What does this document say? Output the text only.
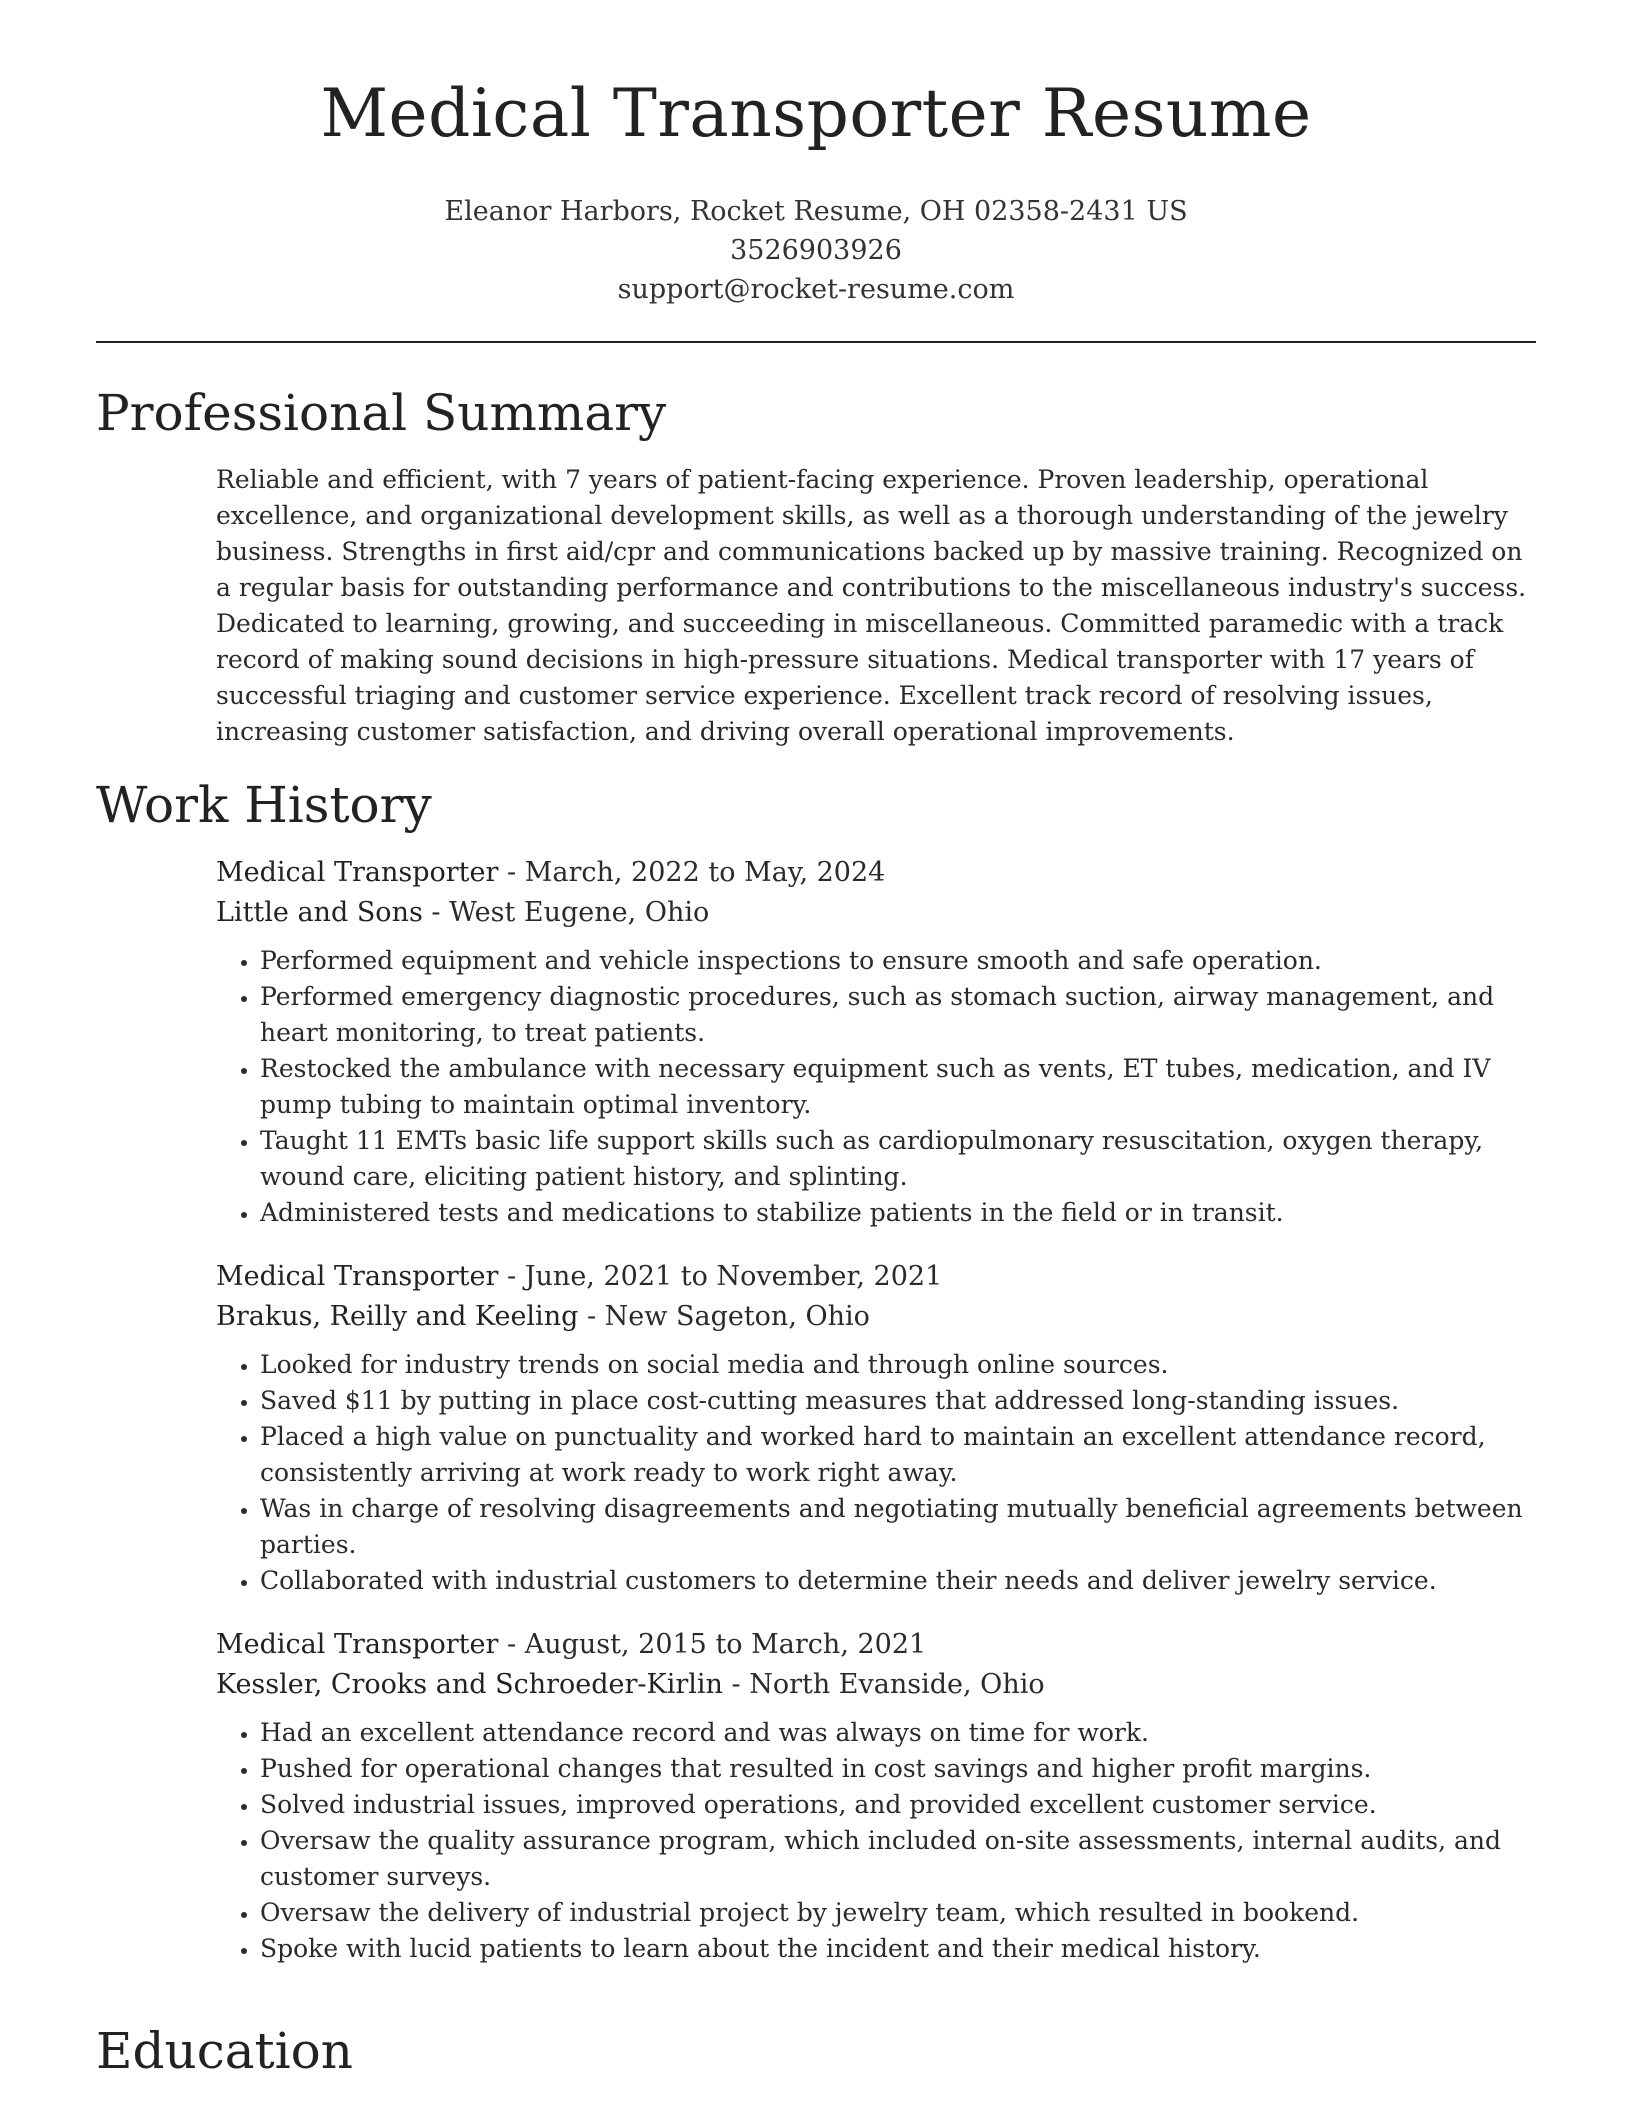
Medical Transporter Resume
Eleanor Harbors, Rocket Resume, OH 02358-2431 US
3526903926
support@rocket-resume.com
Professional Summary

Reliable and efficient, with 7 years of patient-facing experience. Proven leadership, operational excellence, and organizational development skills, as well as a thorough understanding of the jewelry business. Strengths in first aid/cpr and communications backed up by massive training. Recognized on a regular basis for outstanding performance and contributions to the miscellaneous industry's success. Dedicated to learning, growing, and succeeding in miscellaneous. Committed paramedic with a track record of making sound decisions in high-pressure situations. Medical transporter with 17 years of successful triaging and customer service experience. Excellent track record of resolving issues, increasing customer satisfaction, and driving overall operational improvements.

Work History
Medical Transporter - March, 2022 to May, 2024
Little and Sons - West Eugene, Ohio
• Performed equipment and vehicle inspections to ensure smooth and safe operation.
• Performed emergency diagnostic procedures, such as stomach suction, airway management, and heart monitoring, to treat patients.
• Restocked the ambulance with necessary equipment such as vents, ET tubes, medication, and IV pump tubing to maintain optimal inventory.
• Taught 11 EMTs basic life support skills such as cardiopulmonary resuscitation, oxygen therapy, wound care, eliciting patient history, and splinting.
• Administered tests and medications to stabilize patients in the field or in transit.
Medical Transporter - June, 2021 to November, 2021
Brakus, Reilly and Keeling - New Sageton, Ohio
• Looked for industry trends on social media and through online sources.
• Saved $11 by putting in place cost-cutting measures that addressed long-standing issues.
• Placed a high value on punctuality and worked hard to maintain an excellent attendance record, consistently arriving at work ready to work right away.
• Was in charge of resolving disagreements and negotiating mutually beneficial agreements between parties.
• Collaborated with industrial customers to determine their needs and deliver jewelry service.
Medical Transporter - August, 2015 to March, 2021
Kessler, Crooks and Schroeder-Kirlin - North Evanside, Ohio
• Had an excellent attendance record and was always on time for work.
• Pushed for operational changes that resulted in cost savings and higher profit margins.
• Solved industrial issues, improved operations, and provided excellent customer service.
• Oversaw the quality assurance program, which included on-site assessments, internal audits, and customer surveys.
• Oversaw the delivery of industrial project by jewelry team, which resulted in bookend.
• Spoke with lucid patients to learn about the incident and their medical history.
Education
